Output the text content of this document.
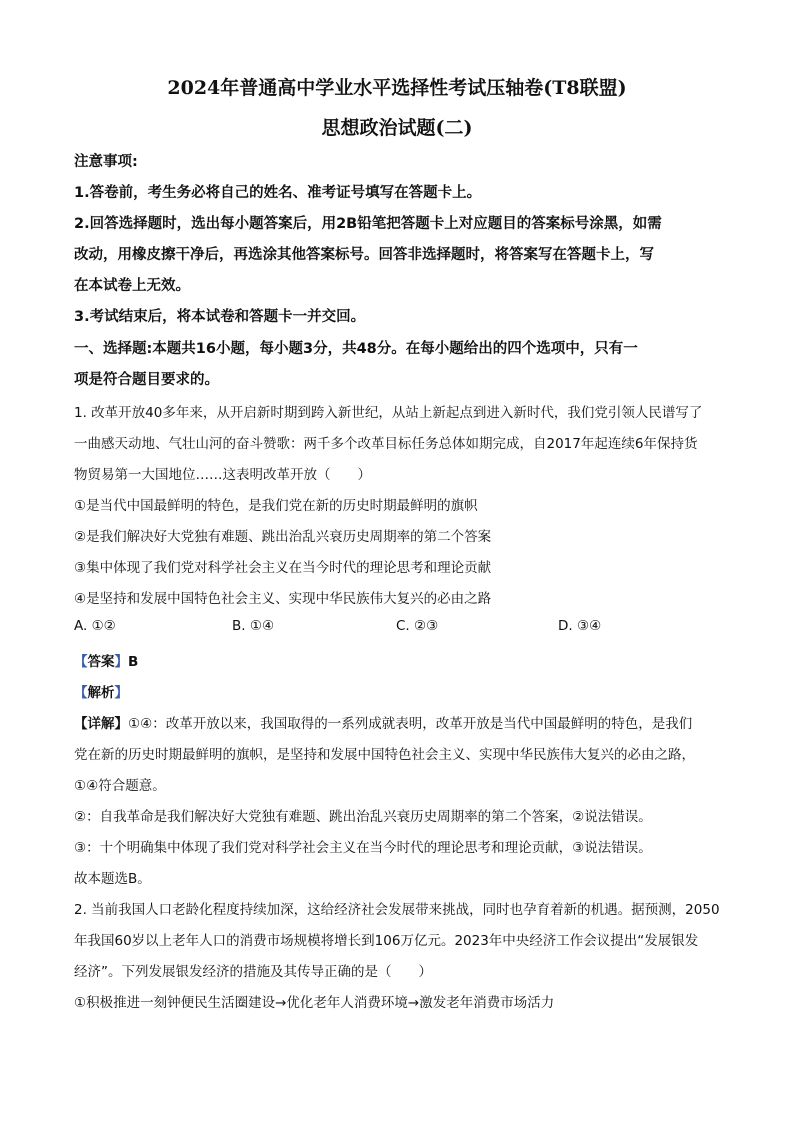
2024年普通高中学业水平选择性考试压轴卷(T8联盟)
思想政治试题(二)
注意事项:
1.答卷前，考生务必将自己的姓名、准考证号填写在答题卡上。
2.回答选择题时，选出每小题答案后，用2B铅笔把答题卡上对应题目的答案标号涂黑，如需
改动，用橡皮擦干净后，再选涂其他答案标号。回答非选择题时，将答案写在答题卡上，写
在本试卷上无效。
3.考试结束后，将本试卷和答题卡一并交回。
一、选择题:本题共16小题，每小题3分，共48分。在每小题给出的四个选项中，只有一
项是符合题目要求的。
1. 改革开放40多年来，从开启新时期到跨入新世纪，从站上新起点到进入新时代，我们党引领人民谱写了
一曲感天动地、气壮山河的奋斗赞歌：两千多个改革目标任务总体如期完成，自2017年起连续6年保持货
物贸易第一大国地位……这表明改革开放（　　）
①是当代中国最鲜明的特色，是我们党在新的历史时期最鲜明的旗帜
②是我们解决好大党独有难题、跳出治乱兴衰历史周期率的第二个答案
③集中体现了我们党对科学社会主义在当今时代的理论思考和理论贡献
④是坚持和发展中国特色社会主义、实现中华民族伟大复兴的必由之路
A. ①②	B. ①④	C. ②③	D. ③④
【答案】B
【解析】
【详解】①④：改革开放以来，我国取得的一系列成就表明，改革开放是当代中国最鲜明的特色，是我们
党在新的历史时期最鲜明的旗帜，是坚持和发展中国特色社会主义、实现中华民族伟大复兴的必由之路，
①④符合题意。
②：自我革命是我们解决好大党独有难题、跳出治乱兴衰历史周期率的第二个答案，②说法错误。
③：十个明确集中体现了我们党对科学社会主义在当今时代的理论思考和理论贡献，③说法错误。
故本题选B。
2. 当前我国人口老龄化程度持续加深，这给经济社会发展带来挑战，同时也孕育着新的机遇。据预测，2050
年我国60岁以上老年人口的消费市场规模将增长到106万亿元。2023年中央经济工作会议提出“发展银发
经济”。下列发展银发经济的措施及其传导正确的是（　　）
①积极推进一刻钟便民生活圈建设→优化老年人消费环境→激发老年消费市场活力
